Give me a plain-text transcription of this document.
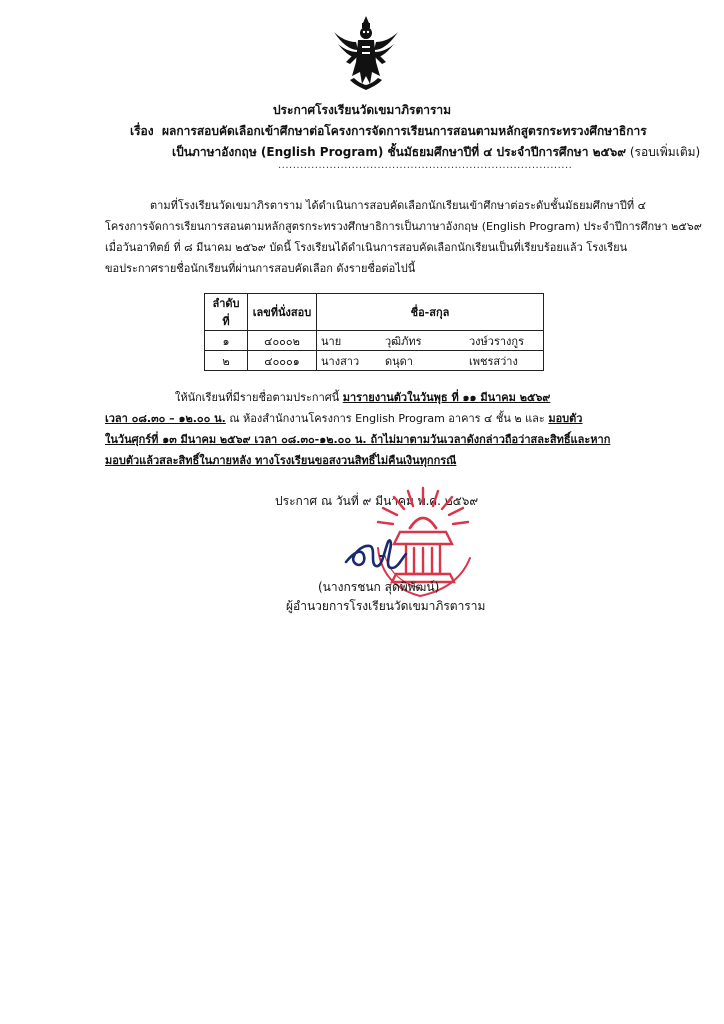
ประกาศโรงเรียนวัดเขมาภิรตาราม
เรื่อง ผลการสอบคัดเลือกเข้าศึกษาต่อโครงการจัดการเรียนการสอนตามหลักสูตรกระทรวงศึกษาธิการ
เป็นภาษาอังกฤษ (English Program) ชั้นมัธยมศึกษาปีที่ ๔ ประจำปีการศึกษา ๒๕๖๙ (รอบเพิ่มเติม)
................................................................................
ตามที่โรงเรียนวัดเขมาภิรตาราม ได้ดำเนินการสอบคัดเลือกนักเรียนเข้าศึกษาต่อระดับชั้นมัธยมศึกษาปีที่ ๔
โครงการจัดการเรียนการสอนตามหลักสูตรกระทรวงศึกษาธิการเป็นภาษาอังกฤษ (English Program) ประจำปีการศึกษา ๒๕๖๙
เมื่อวันอาทิตย์ ที่ ๘ มีนาคม ๒๕๖๙ บัดนี้ โรงเรียนได้ดำเนินการสอบคัดเลือกนักเรียนเป็นที่เรียบร้อยแล้ว โรงเรียน
ขอประกาศรายชื่อนักเรียนที่ผ่านการสอบคัดเลือก ดังรายชื่อต่อไปนี้
ลำดับที่	เลขที่นั่งสอบ	ชื่อ-สกุล
๑	๔๐๐๐๒	นาย วุฒิภัทร วงษ์วรางกูร
๒	๔๐๐๐๑	นางสาว ดนุดา เพชรสว่าง
ให้นักเรียนที่มีรายชื่อตามประกาศนี้ มารายงานตัวในวันพุธ ที่ ๑๑ มีนาคม ๒๕๖๙
เวลา ๐๘.๓๐ – ๑๒.๐๐ น. ณ ห้องสำนักงานโครงการ English Program อาคาร ๔ ชั้น ๒ และ มอบตัว
ในวันศุกร์ที่ ๑๓ มีนาคม ๒๕๖๙ เวลา ๐๘.๓๐-๑๒.๐๐ น. ถ้าไม่มาตามวันเวลาดังกล่าวถือว่าสละสิทธิ์และหาก
มอบตัวแล้วสละสิทธิ์ในภายหลัง ทางโรงเรียนขอสงวนสิทธิ์ไม่คืนเงินทุกกรณี
ประกาศ ณ วันที่ ๙ มีนาคม พ.ศ. ๒๕๖๙
(นางกรชนก สุดพิพัฒน์)
ผู้อำนวยการโรงเรียนวัดเขมาภิรตาราม
